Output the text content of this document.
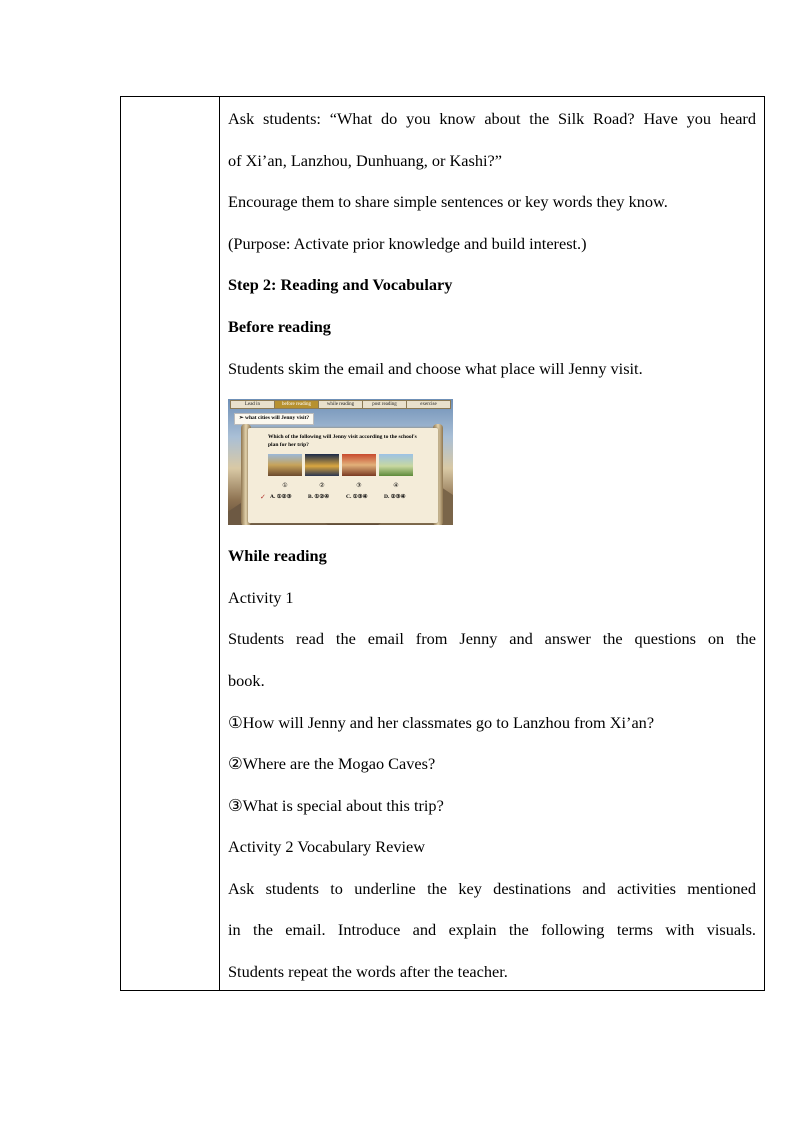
Ask students: “What do you know about the Silk Road? Have you heard
of Xi’an, Lanzhou, Dunhuang, or Kashi?”
Encourage them to share simple sentences or key words they know.
(Purpose: Activate prior knowledge and build interest.)
Step 2: Reading and Vocabulary
Before reading
Students skim the email and choose what place will Jenny visit.
Lead in	before reading	while reading	post reading	exercise
➢ what cities will Jenny visit?
Which of the following will Jenny visit according to the school's plan for her trip?
①	②	③	④
✓ A. ①②③	B. ①②④	C. ①③④	D. ②③④
While reading
Activity 1
Students read the email from Jenny and answer the questions on the
book.
①How will Jenny and her classmates go to Lanzhou from Xi’an?
②Where are the Mogao Caves?
③What is special about this trip?
Activity 2 Vocabulary Review
Ask students to underline the key destinations and activities mentioned
in the email. Introduce and explain the following terms with visuals.
Students repeat the words after the teacher.
